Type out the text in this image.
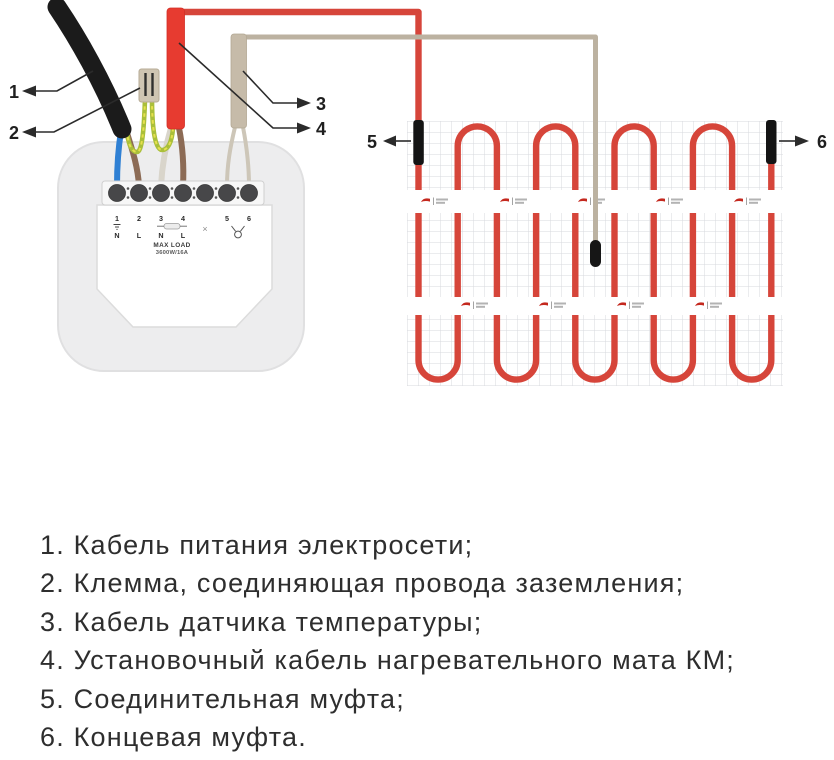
1	2	3	4
×
5	6
N L N L
MAX LOAD
3600W/16A
1
2
3
4
5	6
1. Кабель питания электросети;
2. Клемма, соединяющая провода заземления;
3. Кабель датчика температуры;
4. Установочный кабель нагревательного мата КМ;
5. Соединительная муфта;
6. Концевая муфта.
